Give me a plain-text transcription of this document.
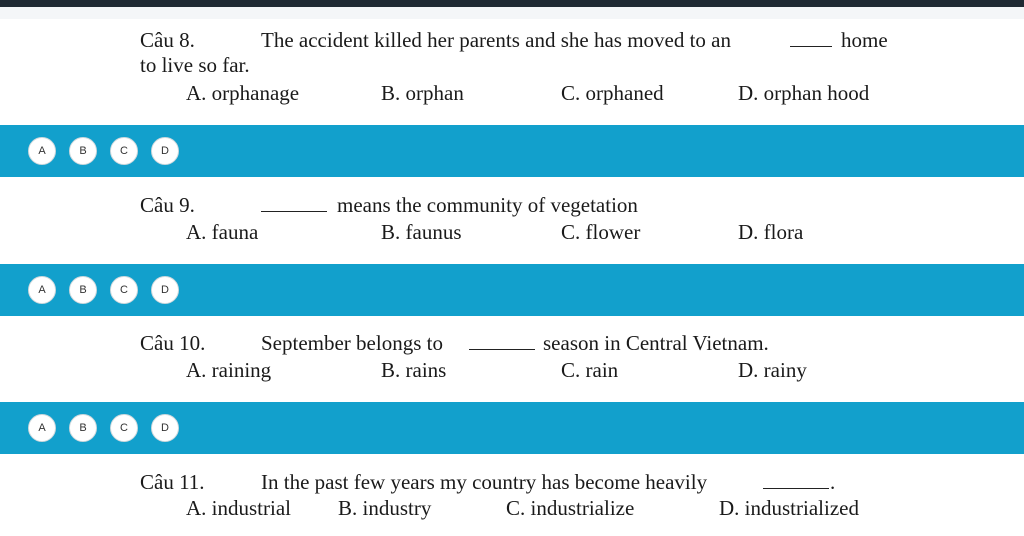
Câu 8.	The accident killed her parents and she has moved to an	home
to live so far.
A. orphanage	B. orphan	C. orphaned	D. orphan hood
A	B	C	D
Câu 9.	means the community of vegetation
A. fauna	B. faunus	C. flower	D. flora
A	B	C	D
Câu 10.	September belongs to	season in Central Vietnam.
A. raining	B. rains	C. rain	D. rainy
A	B	C	D
Câu 11.	In the past few years my country has become heavily	.
A. industrial B. industry	C. industrialize	D. industrialized
